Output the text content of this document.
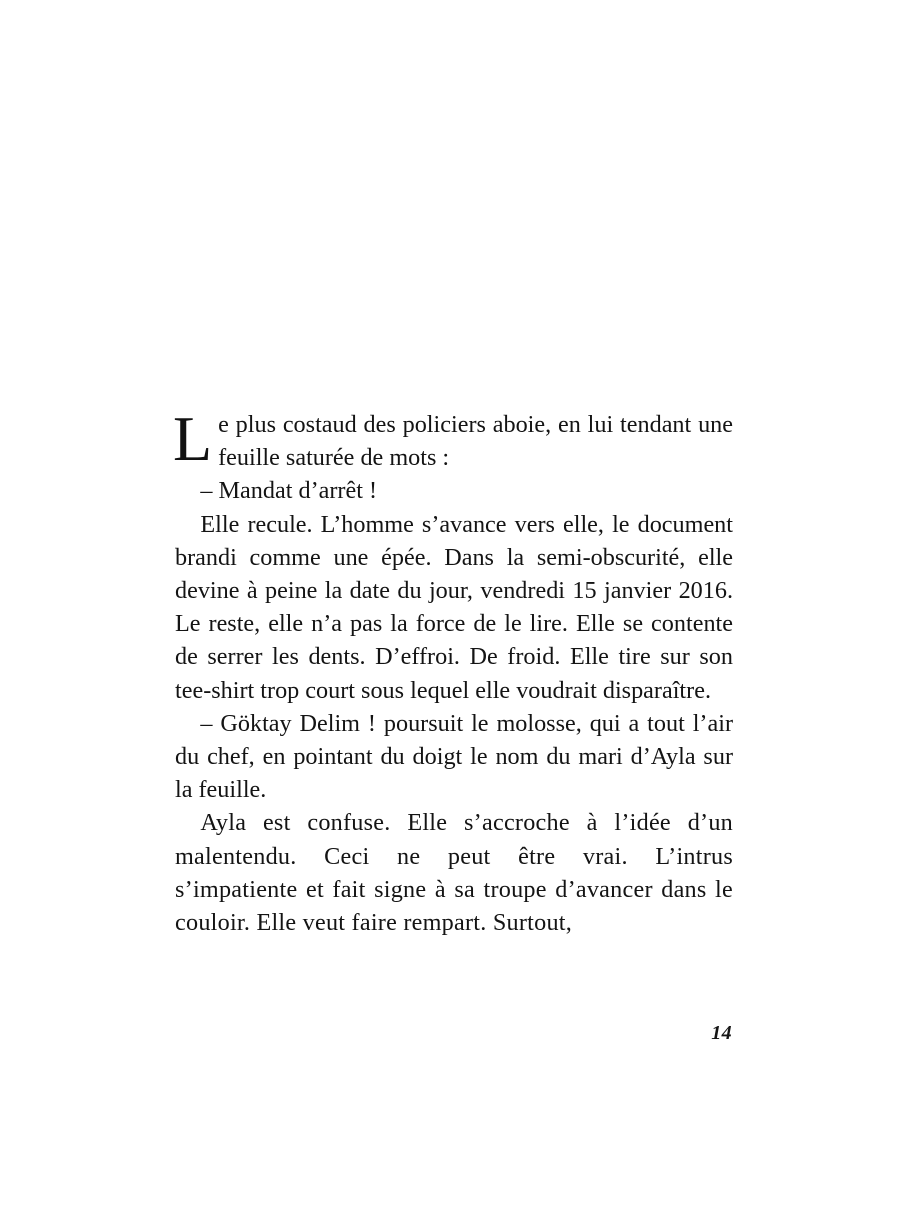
Le plus costaud des policiers aboie, en lui tendant une feuille saturée de mots :

– Mandat d’arrêt !

Elle recule. L’homme s’avance vers elle, le document brandi comme une épée. Dans la semi-obscurité, elle devine à peine la date du jour, vendredi 15 janvier 2016. Le reste, elle n’a pas la force de le lire. Elle se contente de serrer les dents. D’effroi. De froid. Elle tire sur son tee-shirt trop court sous lequel elle voudrait disparaître.

– Göktay Delim ! poursuit le molosse, qui a tout l’air du chef, en pointant du doigt le nom du mari d’Ayla sur la feuille.

Ayla est confuse. Elle s’accroche à l’idée d’un malentendu. Ceci ne peut être vrai. L’intrus s’impatiente et fait signe à sa troupe d’avancer dans le couloir. Elle veut faire rempart. Surtout,

14
